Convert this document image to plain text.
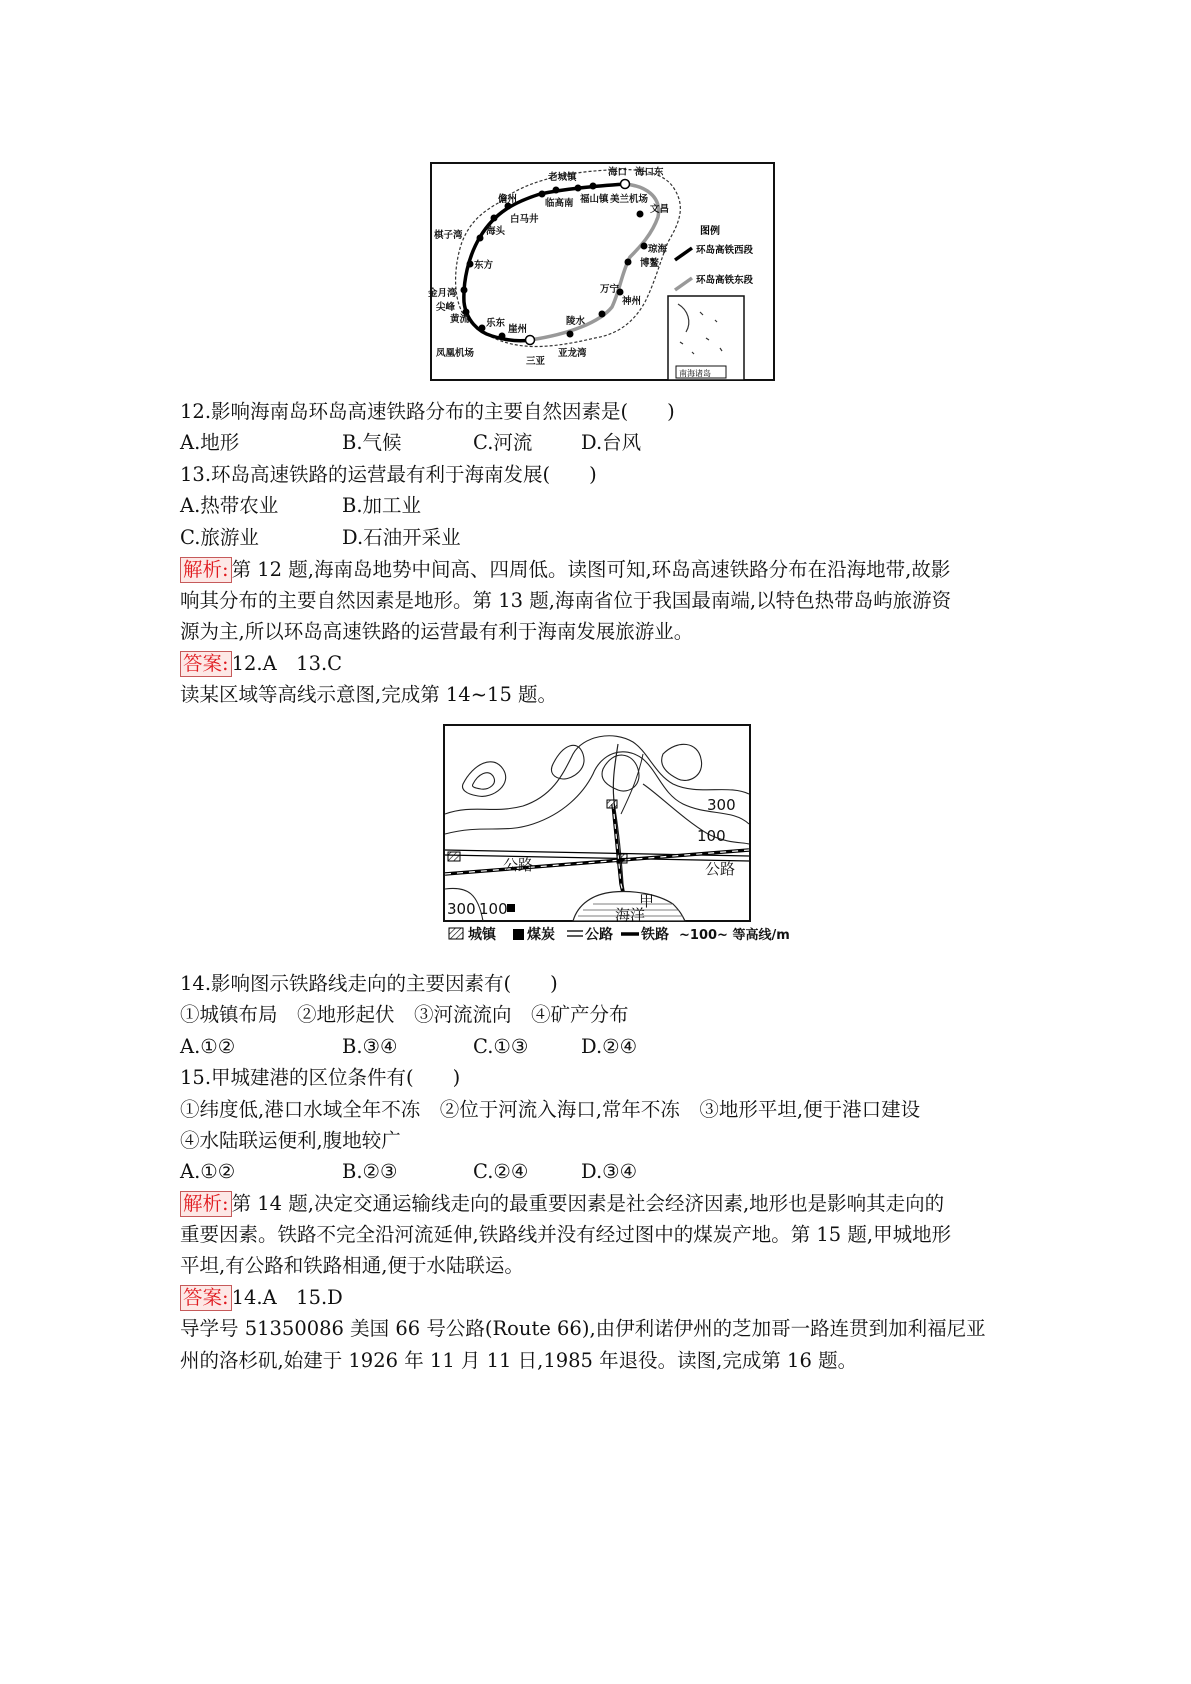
老城镇	海口 海口东
美兰机场
文昌
临高南 福山镇
儋州
白马井
海头
棋子湾
东方
金月湾
尖峰
黄流 乐东
崖州
凤凰机场
三亚
亚龙湾
陵水
万宁
神州
琼海
博鳌
图例
环岛高铁西段
环岛高铁东段
南海诸岛
12.影响海南岛环岛高速铁路分布的主要自然因素是(　　)
A.地形	B.气候	C.河流 D.台风
13.环岛高速铁路的运营最有利于海南发展(　　)
A.热带农业	B.加工业
C.旅游业	D.石油开采业
解析: 第 12 题,海南岛地势中间高、四周低。读图可知,环岛高速铁路分布在沿海地带,故影
响其分布的主要自然因素是地形。第 13 题,海南省位于我国最南端,以特色热带岛屿旅游资
源为主,所以环岛高速铁路的运营最有利于海南发展旅游业。
答案: 12.A　13.C
读某区域等高线示意图,完成第 14~15 题。
300
100
公路	公路
300 100	甲
海洋
城镇 煤炭 公路 铁路 ~100~ 等高线/m
14.影响图示铁路线走向的主要因素有(　　)
①城镇布局　②地形起伏　③河流流向　④矿产分布
A.①②	B.③④	C.①③	D.②④
15.甲城建港的区位条件有(　　)
①纬度低,港口水域全年不冻　②位于河流入海口,常年不冻　③地形平坦,便于港口建设
④水陆联运便利,腹地较广
A.①②	B.②③	C.②④	D.③④
解析: 第 14 题,决定交通运输线走向的最重要因素是社会经济因素,地形也是影响其走向的
重要因素。铁路不完全沿河流延伸,铁路线并没有经过图中的煤炭产地。第 15 题,甲城地形
平坦,有公路和铁路相通,便于水陆联运。
答案: 14.A　15.D
导学号 51350086 美国 66 号公路(Route 66),由伊利诺伊州的芝加哥一路连贯到加利福尼亚
州的洛杉矶,始建于 1926 年 11 月 11 日,1985 年退役。读图,完成第 16 题。
